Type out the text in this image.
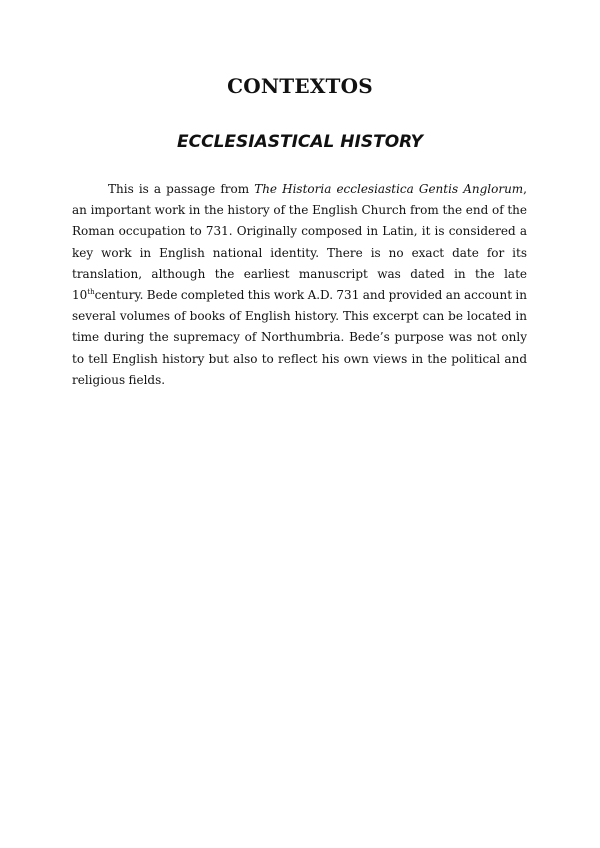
CONTEXTOS
ECCLESIASTICAL HISTORY

This is a passage from The Historia ecclesiastica Gentis Anglorum, an important work in the history of the English Church from the end of the Roman occupation to 731. Originally composed in Latin, it is considered a key work in English national identity. There is no exact date for its translation, although the earliest manuscript was dated in the late 10thcentury. Bede completed this work A.D. 731 and provided an account in several volumes of books of English history. This excerpt can be located in time during the supremacy of Northumbria. Bede’s purpose was not only to tell English history but also to reflect his own views in the political and religious fields.
